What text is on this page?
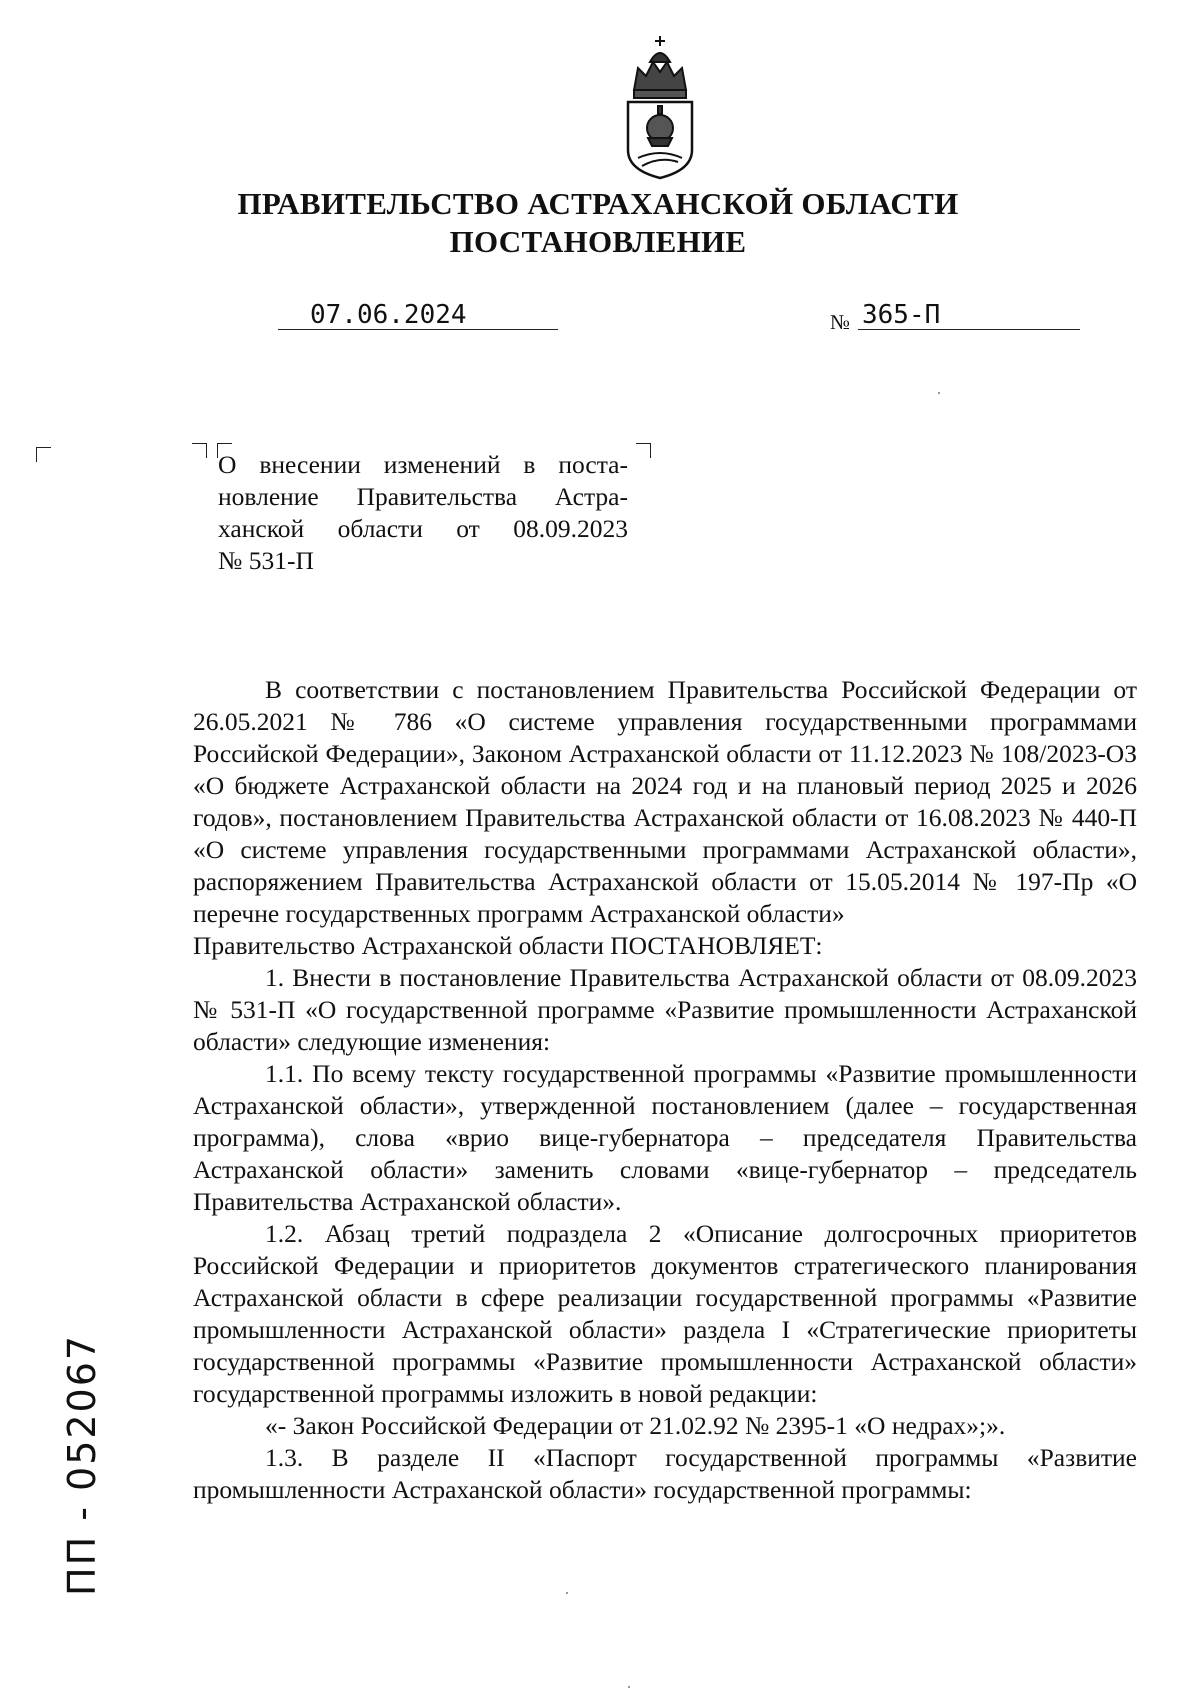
ПРАВИТЕЛЬСТВО АСТРАХАНСКОЙ ОБЛАСТИ
ПОСТАНОВЛЕНИЕ
07.06.2024	№ 365-П

О внесении изменений в поста-

новление Правительства Астра-

ханской области от 08.09.2023

№ 531-П

В соответствии с постановлением Правительства Российской Федерации от 26.05.2021 № 786 «О системе управления государственными программами Российской Федерации», Законом Астраханской области от 11.12.2023 № 108/2023-ОЗ «О бюджете Астраханской области на 2024 год и на плановый период 2025 и 2026 годов», постановлением Правительства Астраханской области от 16.08.2023 № 440-П «О системе управления государственными программами Астраханской области», распоряжением Правительства Астраханской области от 15.05.2014 № 197-Пр «О перечне государственных программ Астраханской области»

Правительство Астраханской области ПОСТАНОВЛЯЕТ:

1. Внести в постановление Правительства Астраханской области от 08.09.2023 № 531-П «О государственной программе «Развитие промышленности Астраханской области» следующие изменения:

1.1. По всему тексту государственной программы «Развитие промышленности Астраханской области», утвержденной постановлением (далее – государственная программа), слова «врио вице-губернатора – председателя Правительства Астраханской области» заменить словами «вице-губернатор – председатель Правительства Астраханской области».

1.2. Абзац третий подраздела 2 «Описание долгосрочных приоритетов Российской Федерации и приоритетов документов стратегического планирования Астраханской области в сфере реализации государственной программы «Развитие промышленности Астраханской области» раздела I «Стратегические приоритеты государственной программы «Развитие промышленности Астраханской области» государственной программы изложить в новой редакции:

«- Закон Российской Федерации от 21.02.92 № 2395-1 «О недрах»;».

1.3. В разделе II «Паспорт государственной программы «Развитие промышленности Астраханской области» государственной программы:

ПП - 052067
